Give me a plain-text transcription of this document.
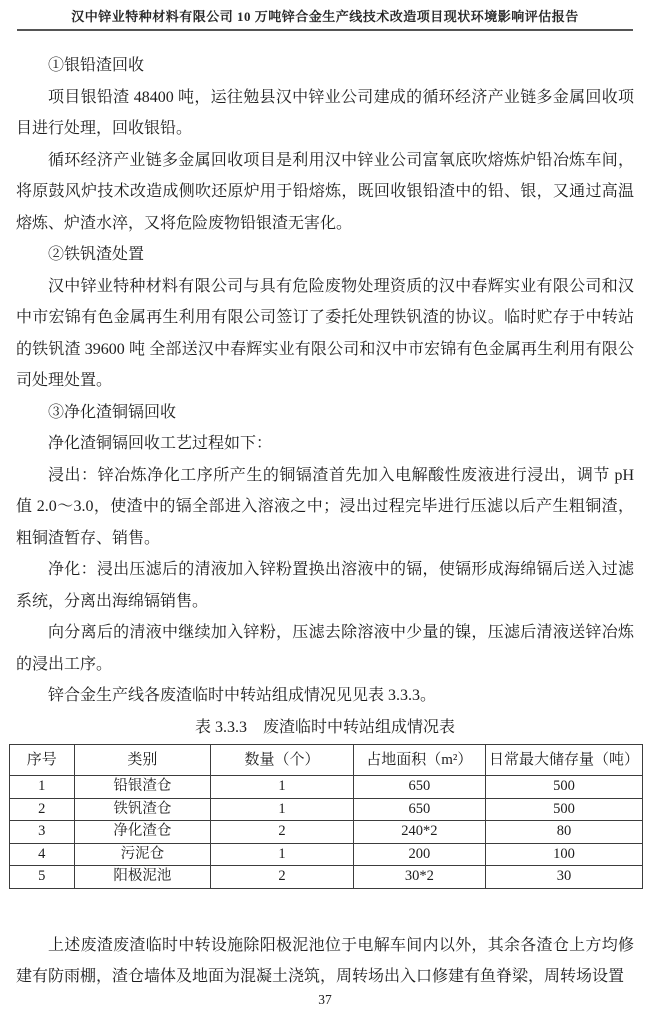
汉中锌业特种材料有限公司 10 万吨锌合金生产线技术改造项目现状环境影响评估报告

①银铅渣回收

项目银铅渣 48400 吨，运往勉县汉中锌业公司建成的循环经济产业链多金属回收项目进行处理，回收银铅。

循环经济产业链多金属回收项目是利用汉中锌业公司富氧底吹熔炼炉铅冶炼车间，将原鼓风炉技术改造成侧吹还原炉用于铅熔炼，既回收银铅渣中的铅、银，又通过高温熔炼、炉渣水淬，又将危险废物铅银渣无害化。

②铁钒渣处置

汉中锌业特种材料有限公司与具有危险废物处理资质的汉中春辉实业有限公司和汉中市宏锦有色金属再生利用有限公司签订了委托处理铁钒渣的协议。临时贮存于中转站的铁钒渣 39600 吨 全部送汉中春辉实业有限公司和汉中市宏锦有色金属再生利用有限公司处理处置。

③净化渣铜镉回收

净化渣铜镉回收工艺过程如下：

浸出：锌冶炼净化工序所产生的铜镉渣首先加入电解酸性废液进行浸出，调节 pH 值 2.0～3.0，使渣中的镉全部进入溶液之中；浸出过程完毕进行压滤以后产生粗铜渣，粗铜渣暂存、销售。

净化：浸出压滤后的清液加入锌粉置换出溶液中的镉，使镉形成海绵镉后送入过滤系统，分离出海绵镉销售。

向分离后的清液中继续加入锌粉，压滤去除溶液中少量的镍，压滤后清液送锌冶炼的浸出工序。

锌合金生产线各废渣临时中转站组成情况见见表 3.3.3。

表 3.3.3　废渣临时中转站组成情况表

序号	类别	数量（个）	占地面积（m²）	日常最大储存量（吨）
1	铅银渣仓	1	650	500
2	铁钒渣仓	1	650	500
3	净化渣仓	2	240*2	80
4	污泥仓	1	200	100
5	阳极泥池	2	30*2	30

上述废渣废渣临时中转设施除阳极泥池位于电解车间内以外，其余各渣仓上方均修建有防雨棚，渣仓墙体及地面为混凝土浇筑，周转场出入口修建有鱼脊梁，周转场设置

37
